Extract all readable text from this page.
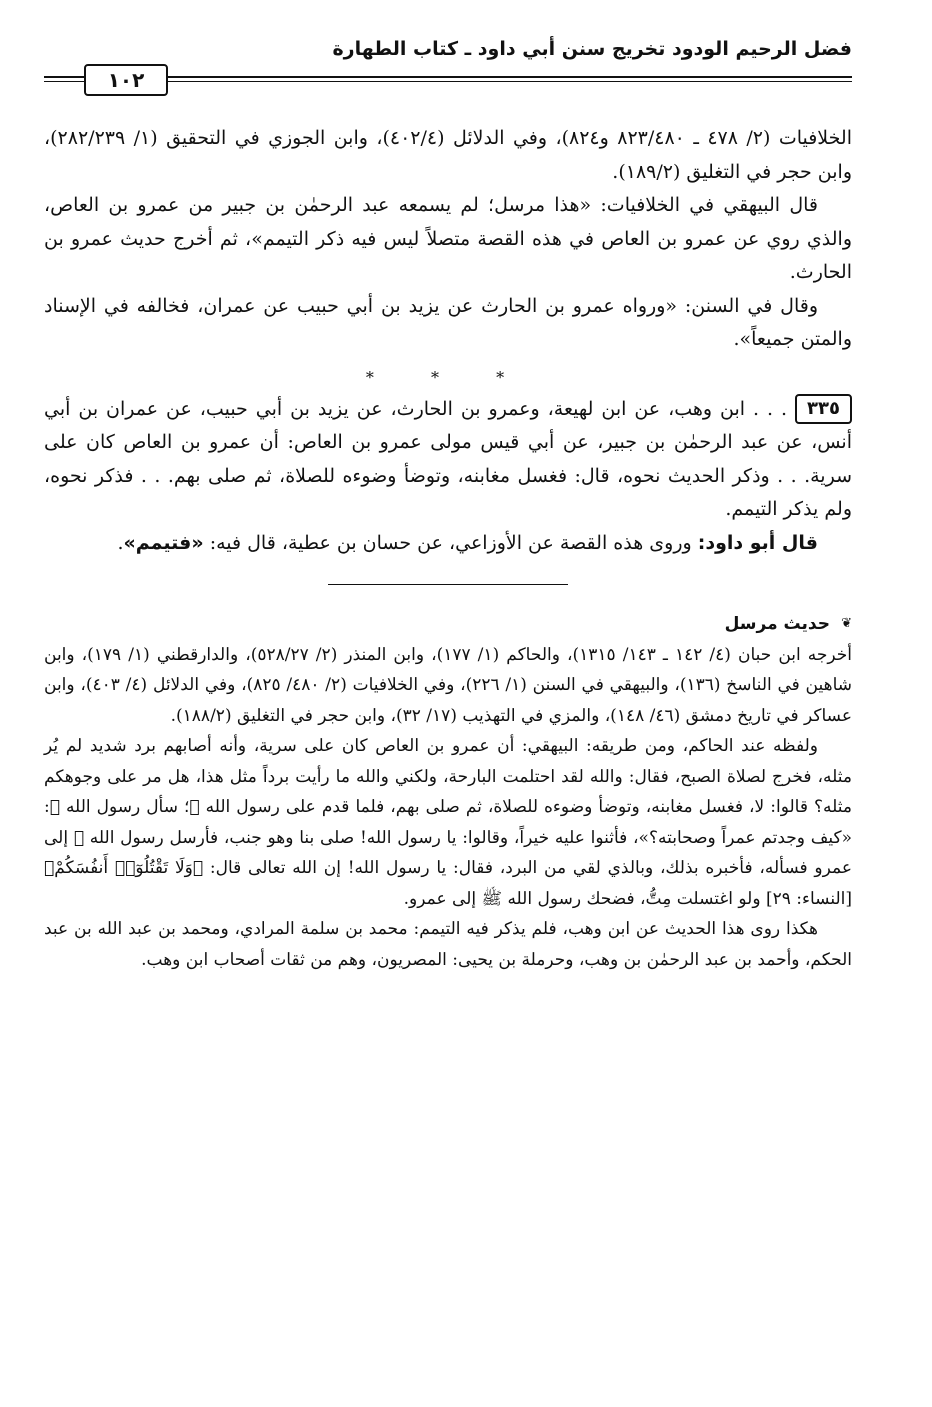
فضل الرحيم الودود تخريج سنن أبي داود ـ كتاب الطهارة
١٠٢

الخلافيات (٢/ ٤٧٨ ـ ٨٢٣/٤٨٠ و٨٢٤)، وفي الدلائل (٤٠٢/٤)، وابن الجوزي في التحقيق (١/ ٢٨٢/٢٣٩)، وابن حجر في التغليق (١٨٩/٢).

قال البيهقي في الخلافيات: «هذا مرسل؛ لم يسمعه عبد الرحمٰن بن جبير من عمرو بن العاص، والذي روي عن عمرو بن العاص في هذه القصة متصلاً ليس فيه ذكر التيمم»، ثم أخرج حديث عمرو بن الحارث.

وقال في السنن: «ورواه عمرو بن الحارث عن يزيد بن أبي حبيب عن عمران، فخالفه في الإسناد والمتن جميعاً».

* * *

٣٣٥. . . ابن وهب، عن ابن لهيعة، وعمرو بن الحارث، عن يزيد بن أبي حبيب، عن عمران بن أبي أنس، عن عبد الرحمٰن بن جبير، عن أبي قيس مولى عمرو بن العاص: أن عمرو بن العاص كان على سرية. . . وذكر الحديث نحوه، قال: فغسل مغابنه، وتوضأ وضوءه للصلاة، ثم صلى بهم. . . فذكر نحوه، ولم يذكر التيمم.

قال أبو داود: وروى هذه القصة عن الأوزاعي، عن حسان بن عطية، قال فيه: «فتيمم».

❦
حديث مرسل

أخرجه ابن حبان (٤/ ١٤٢ ـ ١٤٣/ ١٣١٥)، والحاكم (١/ ١٧٧)، وابن المنذر (٢/ ٥٢٨/٢٧)، والدارقطني (١/ ١٧٩)، وابن شاهين في الناسخ (١٣٦)، والبيهقي في السنن (١/ ٢٢٦)، وفي الخلافيات (٢/ ٤٨٠/ ٨٢٥)، وفي الدلائل (٤/ ٤٠٣)، وابن عساكر في تاريخ دمشق (٤٦/ ١٤٨)، والمزي في التهذيب (١٧/ ٣٢)، وابن حجر في التغليق (١٨٨/٢).

ولفظه عند الحاكم، ومن طريقه: البيهقي: أن عمرو بن العاص كان على سرية، وأنه أصابهم برد شديد لم يُر مثله، فخرج لصلاة الصبح، فقال: والله لقد احتلمت البارحة، ولكني والله ما رأيت برداً مثل هذا، هل مر على وجوهكم مثله؟ قالوا: لا، فغسل مغابنه، وتوضأ وضوءه للصلاة، ثم صلى بهم، فلما قدم على رسول الله ﷺ؛ سأل رسول الله ﷺ: «كيف وجدتم عمراً وصحابته؟»، فأثنوا عليه خيراً، وقالوا: يا رسول الله! صلى بنا وهو جنب، فأرسل رسول الله ﷺ إلى عمرو فسأله، فأخبره بذلك، وبالذي لقي من البرد، فقال: يا رسول الله! إن الله تعالى قال: ﴿وَلَا تَقْتُلُوٓا۟ أَنفُسَكُمْ﴾ [النساء: ٢٩] ولو اغتسلت مِتُّ، فضحك رسول الله ﷺ إلى عمرو.

هكذا روى هذا الحديث عن ابن وهب، فلم يذكر فيه التيمم: محمد بن سلمة المرادي، ومحمد بن عبد الله بن عبد الحكم، وأحمد بن عبد الرحمٰن بن وهب، وحرملة بن يحيى: المصريون، وهم من ثقات أصحاب ابن وهب.
